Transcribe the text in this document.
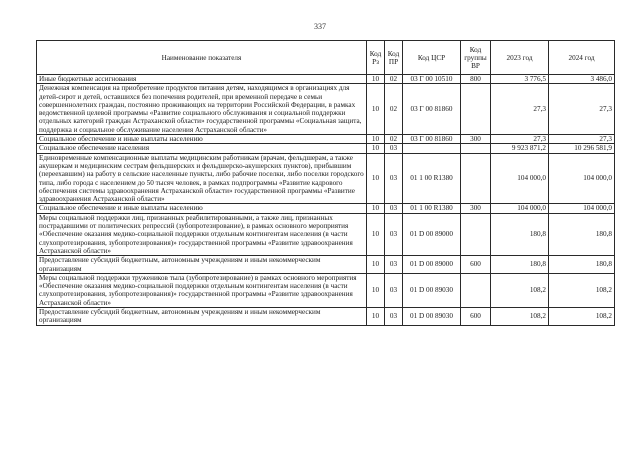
337
Наименование показателя	Код Рз	Код ПР	Код ЦСР	Код группы ВР	2023 год	2024 год
Иные бюджетные ассигнования	10	02	03 Г 00 10510	800	3 776,5	3 486,0
Денежная компенсация на приобретение продуктов питания детям, находящимся в организациях для детей-сирот и детей, оставшихся без попечения родителей, при временной передаче в семьи совершеннолетних граждан, постоянно проживающих на территории Российской Федерации, в рамках ведомственной целевой программы «Развитие социального обслуживания и социальной поддержки отдельных категорий граждан Астраханской области» государственной программы «Социальная защита, поддержка и социальное обслуживание населения Астраханской области»	10	02	03 Г 00 81860		27,3	27,3
Социальное обеспечение и иные выплаты населению	10	02	03 Г 00 81860	300	27,3	27,3
Социальное обеспечение населения	10	03			9 923 871,2	10 296 581,9
Единовременные компенсационные выплаты медицинским работникам (врачам, фельдшерам, а также акушеркам и медицинским сестрам фельдшерских и фельдшерско-акушерских пунктов), прибывшим (переехавшим) на работу в сельские населенные пункты, либо рабочие поселки, либо поселки городского типа, либо города с населением до 50 тысяч человек, в рамках подпрограммы «Развитие кадрового обеспечения системы здравоохранения Астраханской области» государственной программы «Развитие здравоохранения Астраханской области»	10	03	01 1 00 R1380		104 000,0	104 000,0
Социальное обеспечение и иные выплаты населению	10	03	01 1 00 R1380	300	104 000,0	104 000,0
Меры социальной поддержки лиц, признанных реабилитированными, а также лиц, признанных пострадавшими от политических репрессий (зубопротезирование), в рамках основного мероприятия «Обеспечение оказания медико-социальной поддержки отдельным контингентам населения (в части слухопротезирования, зубопротезирования)» государственной программы «Развитие здравоохранения Астраханской области»	10	03	01 D 00 89000		180,8	180,8
Предоставление субсидий бюджетным, автономным учреждениям и иным некоммерческим организациям	10	03	01 D 00 89000	600	180,8	180,8
Меры социальной поддержки тружеников тыла (зубопротезирование) в рамках основного мероприятия «Обеспечение оказания медико-социальной поддержки отдельным контингентам населения (в части слухопротезирования, зубопротезирования)» государственной программы «Развитие здравоохранения Астраханской области»	10	03	01 D 00 89030		108,2	108,2
Предоставление субсидий бюджетным, автономным учреждениям и иным некоммерческим организациям	10	03	01 D 00 89030	600	108,2	108,2
